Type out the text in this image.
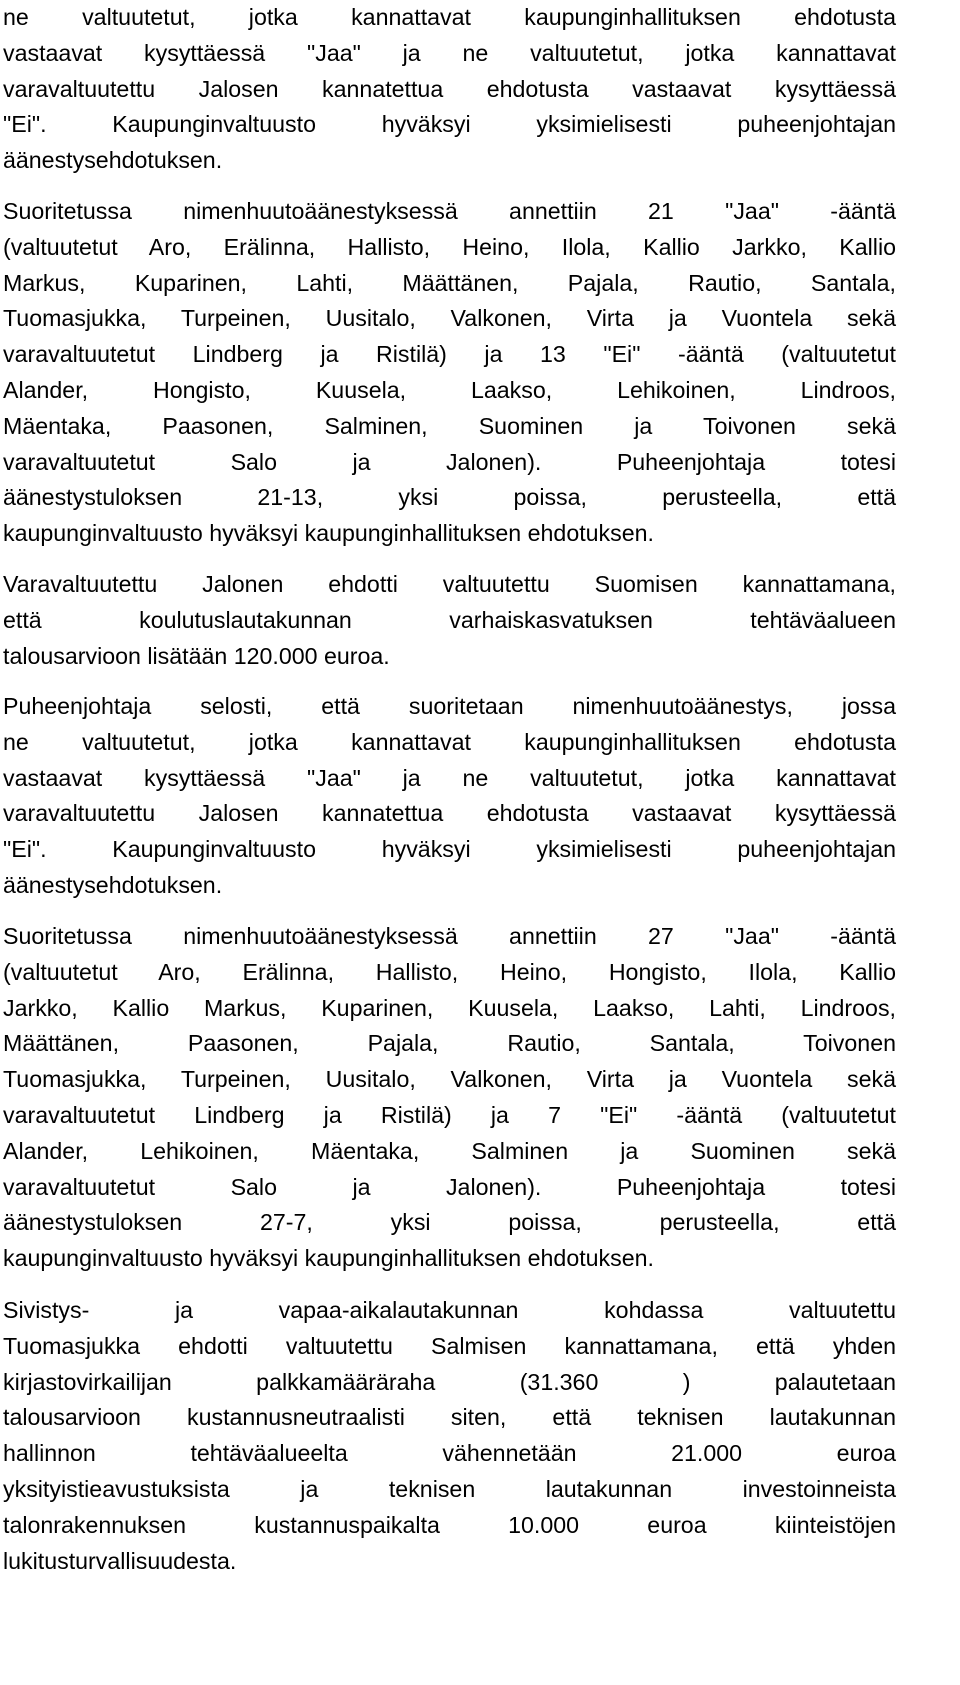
ne valtuutetut, jotka kannattavat kaupunginhallituksen ehdotusta
vastaavat kysyttäessä "Jaa" ja ne valtuutetut, jotka kannattavat
varavaltuutettu Jalosen kannatettua ehdotusta vastaavat kysyttäessä
"Ei". Kaupunginvaltuusto hyväksyi yksimielisesti puheenjohtajan
äänestysehdotuksen.
Suoritetussa nimenhuutoäänestyksessä annettiin 21 "Jaa" -ääntä
(valtuutetut Aro, Erälinna, Hallisto, Heino, Ilola, Kallio Jarkko, Kallio
Markus, Kuparinen, Lahti, Määttänen, Pajala, Rautio, Santala,
Tuomasjukka, Turpeinen, Uusitalo, Valkonen, Virta ja Vuontela sekä
varavaltuutetut Lindberg ja Ristilä) ja 13 "Ei" -ääntä (valtuutetut
Alander, Hongisto, Kuusela, Laakso, Lehikoinen, Lindroos,
Mäentaka, Paasonen, Salminen, Suominen ja Toivonen sekä
varavaltuutetut Salo ja Jalonen). Puheenjohtaja totesi
äänestystuloksen 21-13, yksi poissa, perusteella, että
kaupunginvaltuusto hyväksyi kaupunginhallituksen ehdotuksen.
Varavaltuutettu Jalonen ehdotti valtuutettu Suomisen kannattamana,
että koulutuslautakunnan varhaiskasvatuksen tehtäväalueen
talousarvioon lisätään 120.000 euroa.
Puheenjohtaja selosti, että suoritetaan nimenhuutoäänestys, jossa
ne valtuutetut, jotka kannattavat kaupunginhallituksen ehdotusta
vastaavat kysyttäessä "Jaa" ja ne valtuutetut, jotka kannattavat
varavaltuutettu Jalosen kannatettua ehdotusta vastaavat kysyttäessä
"Ei". Kaupunginvaltuusto hyväksyi yksimielisesti puheenjohtajan
äänestysehdotuksen.
Suoritetussa nimenhuutoäänestyksessä annettiin 27 "Jaa" -ääntä
(valtuutetut Aro, Erälinna, Hallisto, Heino, Hongisto, Ilola, Kallio
Jarkko, Kallio Markus, Kuparinen, Kuusela, Laakso, Lahti, Lindroos,
Määttänen, Paasonen, Pajala, Rautio, Santala, Toivonen
Tuomasjukka, Turpeinen, Uusitalo, Valkonen, Virta ja Vuontela sekä
varavaltuutetut Lindberg ja Ristilä) ja 7 "Ei" -ääntä (valtuutetut
Alander, Lehikoinen, Mäentaka, Salminen ja Suominen sekä
varavaltuutetut Salo ja Jalonen). Puheenjohtaja totesi
äänestystuloksen 27-7, yksi poissa, perusteella, että
kaupunginvaltuusto hyväksyi kaupunginhallituksen ehdotuksen.
Sivistys- ja vapaa-aikalautakunnan kohdassa valtuutettu
Tuomasjukka ehdotti valtuutettu Salmisen kannattamana, että yhden
kirjastovirkailijan palkkamääräraha (31.360 ) palautetaan
talousarvioon kustannusneutraalisti siten, että teknisen lautakunnan
hallinnon tehtäväalueelta vähennetään 21.000 euroa
yksityistieavustuksista ja teknisen lautakunnan investoinneista
talonrakennuksen kustannuspaikalta 10.000 euroa kiinteistöjen
lukitusturvallisuudesta.
